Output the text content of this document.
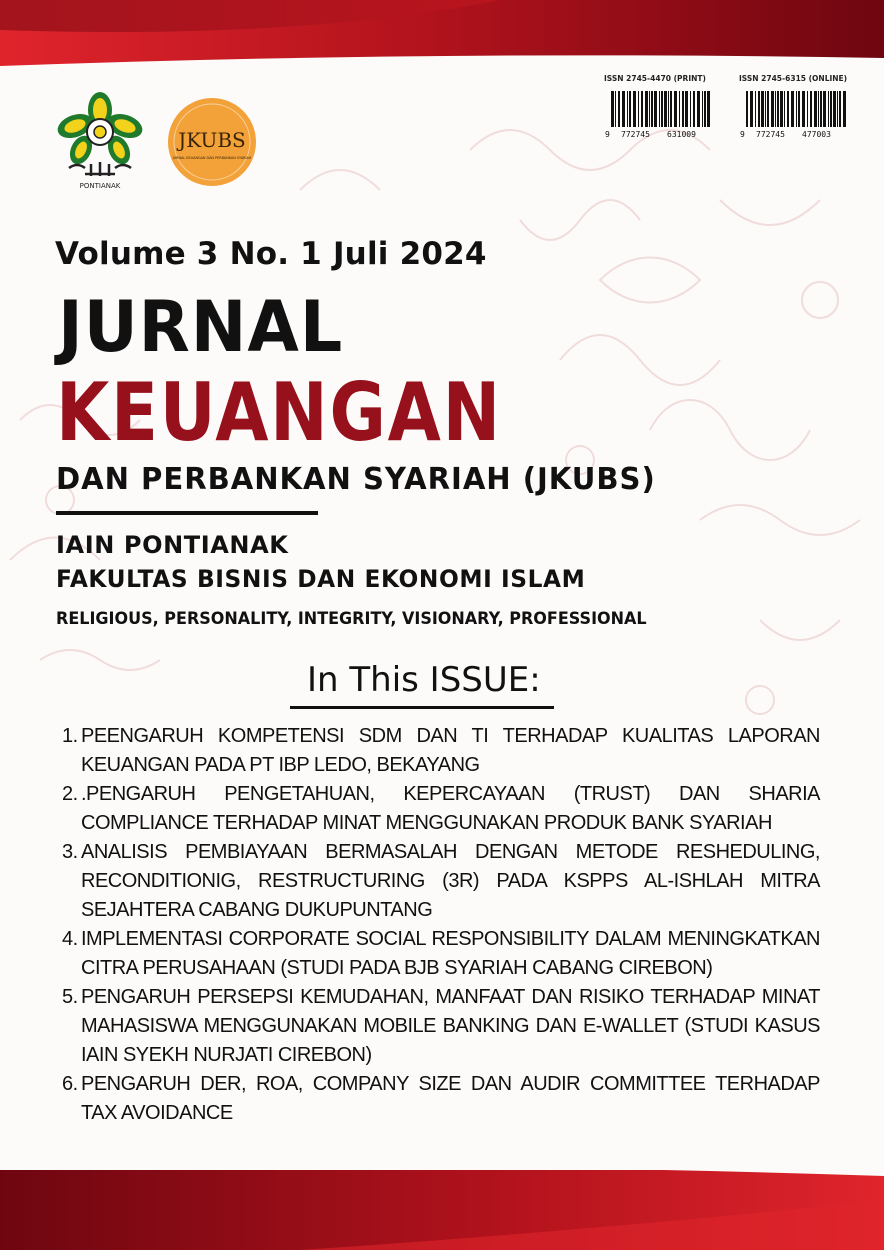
PONTIANAK
JKUBS
JURNAL KEUANGAN DAN PERBANKAN SYARIAH
ISSN 2745-4470 (PRINT)	ISSN 2745-6315 (ONLINE)
9 772745 631009	9 772745 477003
Volume 3 No. 1 Juli 2024
JURNAL
KEUANGAN
DAN PERBANKAN SYARIAH (JKUBS)
IAIN PONTIANAK
FAKULTAS BISNIS DAN EKONOMI ISLAM
RELIGIOUS, PERSONALITY, INTEGRITY, VISIONARY, PROFESSIONAL
In This ISSUE:
1. PEENGARUH KOMPETENSI SDM DAN TI TERHADAP KUALITAS LAPORAN KEUANGAN PADA PT IBP LEDO, BEKAYANG
2. .PENGARUH PENGETAHUAN, KEPERCAYAAN (TRUST) DAN SHARIA COMPLIANCE TERHADAP MINAT MENGGUNAKAN PRODUK BANK SYARIAH
3. ANALISIS PEMBIAYAAN BERMASALAH DENGAN METODE RESHEDULING, RECONDITIONIG, RESTRUCTURING (3R) PADA KSPPS AL-ISHLAH MITRA SEJAHTERA CABANG DUKUPUNTANG
4. IMPLEMENTASI CORPORATE SOCIAL RESPONSIBILITY DALAM MENINGKATKAN CITRA PERUSAHAAN (STUDI PADA BJB SYARIAH CABANG CIREBON)
5. PENGARUH PERSEPSI KEMUDAHAN, MANFAAT DAN RISIKO TERHADAP MINAT MAHASISWA MENGGUNAKAN MOBILE BANKING DAN E-WALLET (STUDI KASUS IAIN SYEKH NURJATI CIREBON)
6. PENGARUH DER, ROA, COMPANY SIZE DAN AUDIR COMMITTEE TERHADAP TAX AVOIDANCE
